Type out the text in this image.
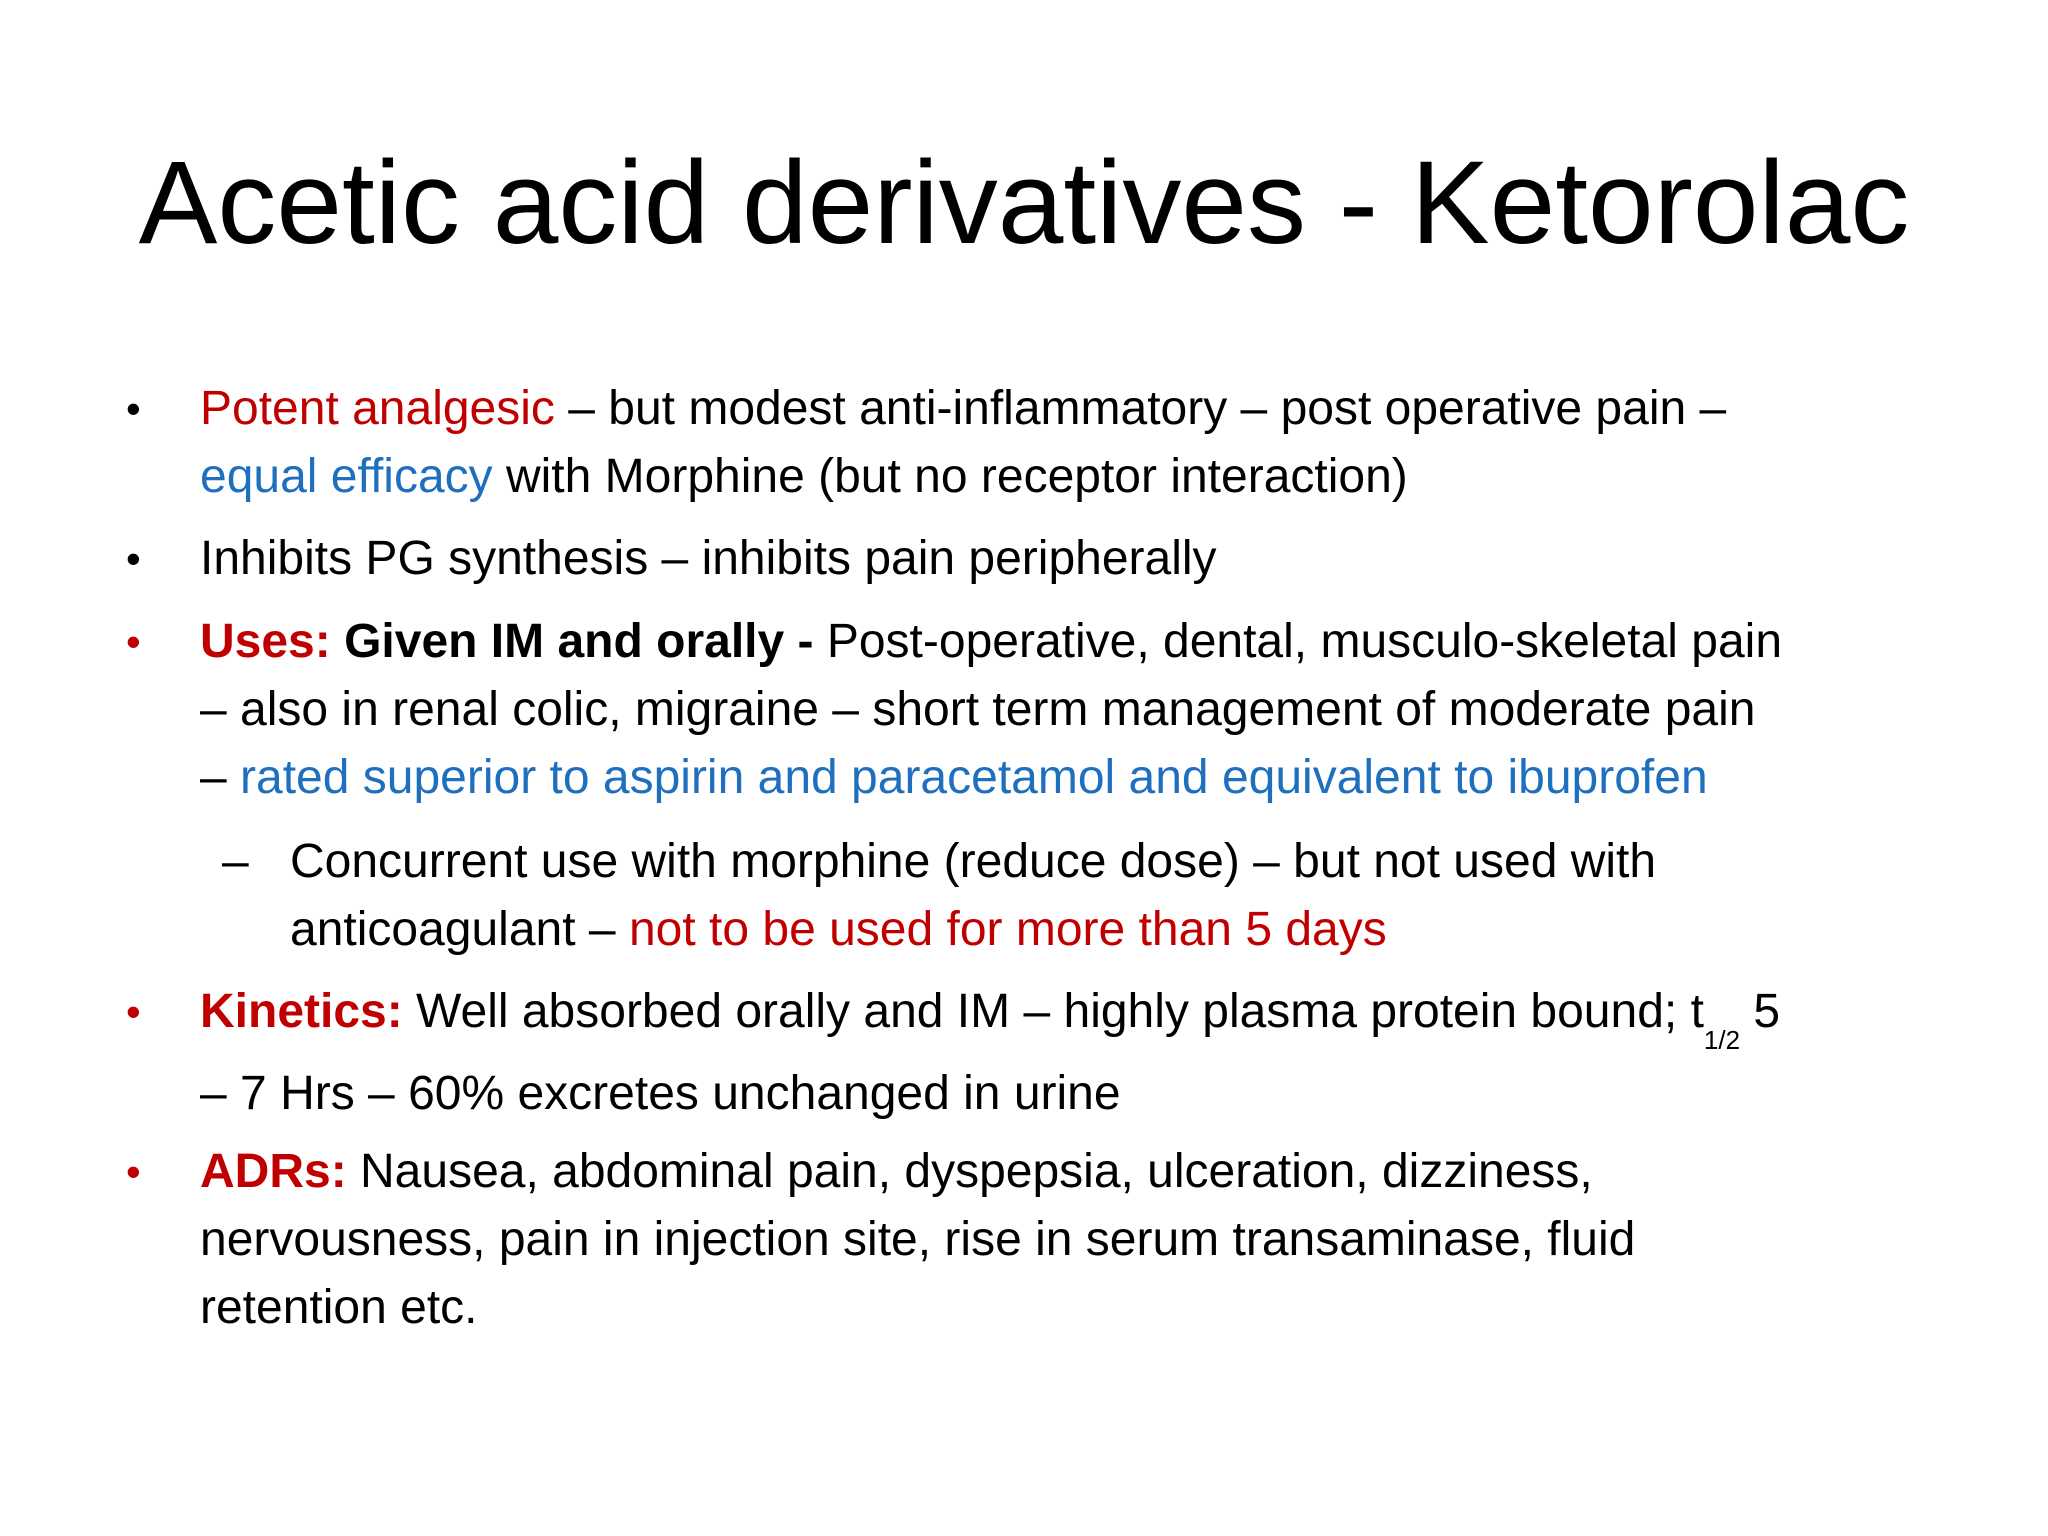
Acetic acid derivatives - Ketorolac
• Potent analgesic – but modest anti-inflammatory – post operative pain –
equal efficacy with Morphine (but no receptor interaction)
• Inhibits PG synthesis – inhibits pain peripherally
• Uses: Given IM and orally - Post-operative, dental, musculo-skeletal pain
– also in renal colic, migraine – short term management of moderate pain
– rated superior to aspirin and paracetamol and equivalent to ibuprofen
– Concurrent use with morphine (reduce dose) – but not used with
anticoagulant – not to be used for more than 5 days
• Kinetics: Well absorbed orally and IM – highly plasma protein bound; $t_{1/2}$ 5
– 7 Hrs – 60% excretes unchanged in urine
• ADRs: Nausea, abdominal pain, dyspepsia, ulceration, dizziness,
nervousness, pain in injection site, rise in serum transaminase, fluid
retention etc.
